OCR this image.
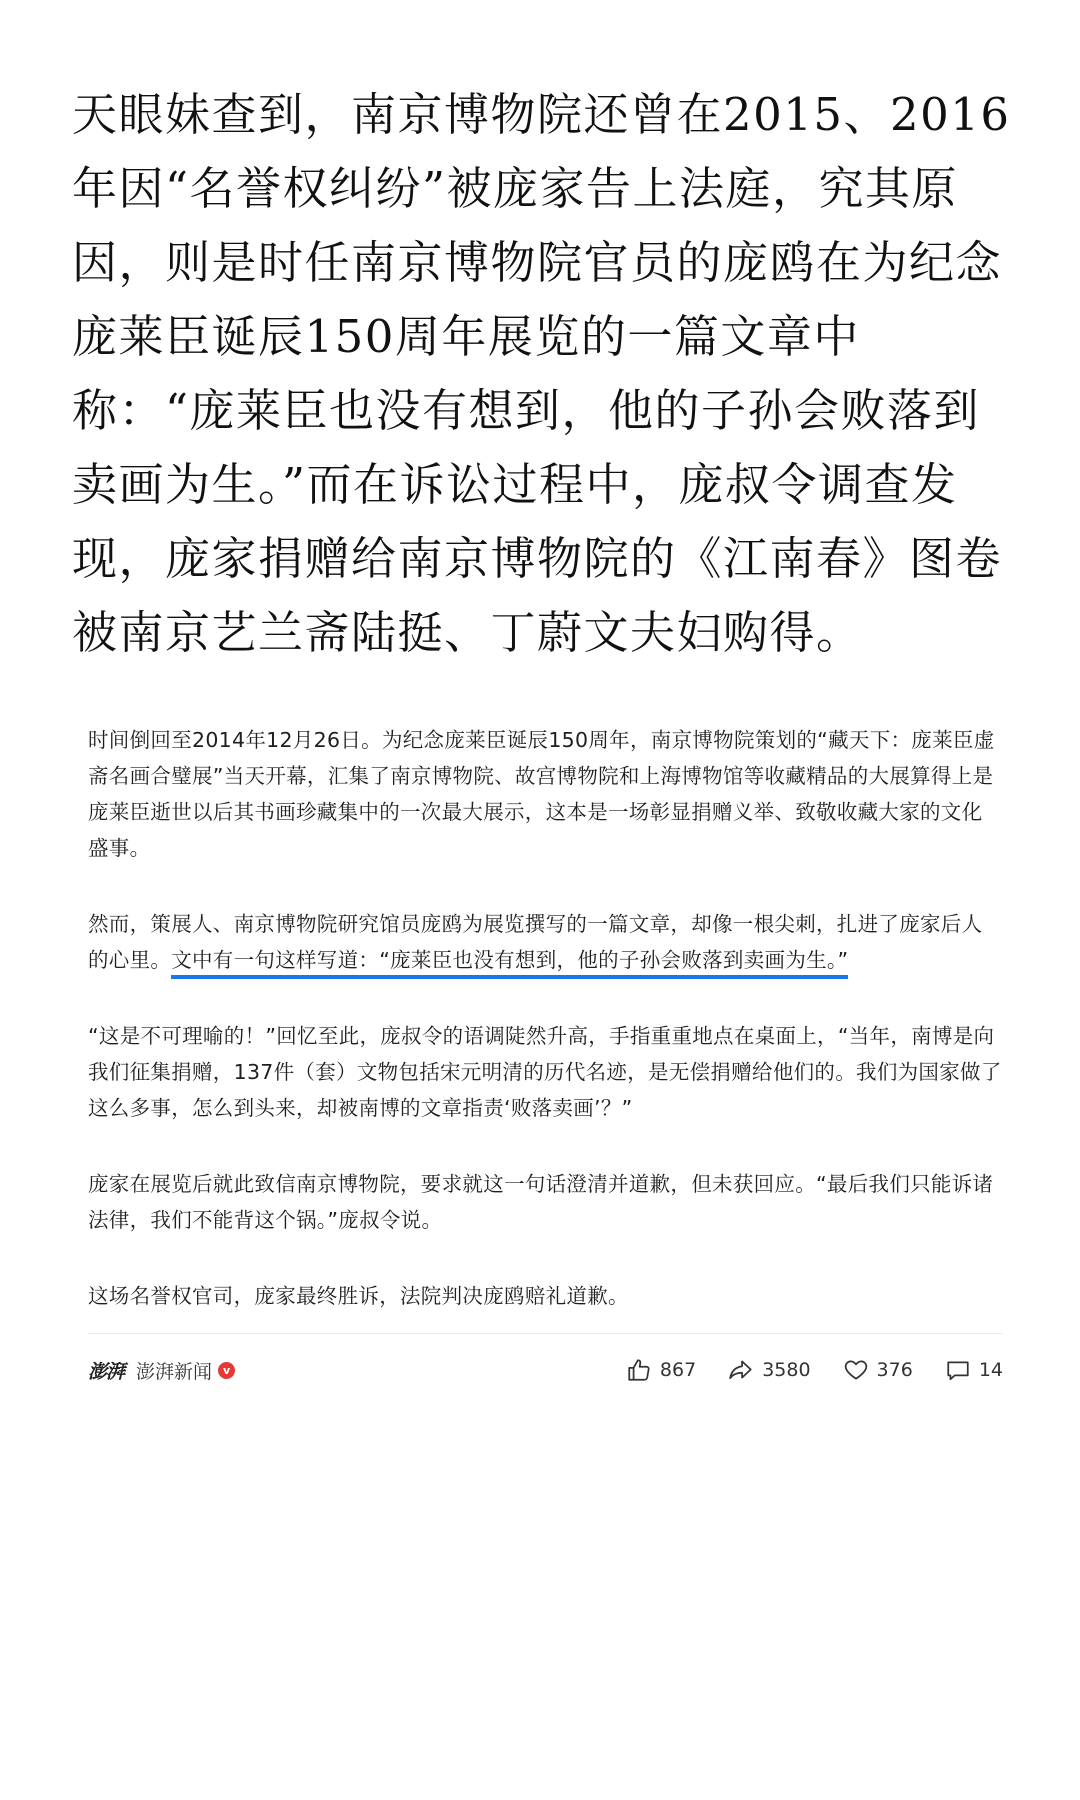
天眼妹查到，南京博物院还曾在2015、2016年因“名誉权纠纷”被庞家告上法庭，究其原因，则是时任南京博物院官员的庞鸥在为纪念庞莱臣诞辰150周年展览的一篇文章中称：“庞莱臣也没有想到，他的子孙会败落到卖画为生。”而在诉讼过程中，庞叔令调查发现，庞家捐赠给南京博物院的《江南春》图卷被南京艺兰斋陆挺、丁蔚文夫妇购得。

时间倒回至2014年12月26日。为纪念庞莱臣诞辰150周年，南京博物院策划的“藏天下：庞莱臣虚斋名画合璧展”当天开幕，汇集了南京博物院、故宫博物院和上海博物馆等收藏精品的大展算得上是庞莱臣逝世以后其书画珍藏集中的一次最大展示，这本是一场彰显捐赠义举、致敬收藏大家的文化盛事。

然而，策展人、南京博物院研究馆员庞鸥为展览撰写的一篇文章，却像一根尖刺，扎进了庞家后人的心里。文中有一句这样写道：“庞莱臣也没有想到，他的子孙会败落到卖画为生。”

“这是不可理喻的！”回忆至此，庞叔令的语调陡然升高，手指重重地点在桌面上，“当年，南博是向我们征集捐赠，137件（套）文物包括宋元明清的历代名迹，是无偿捐赠给他们的。我们为国家做了这么多事，怎么到头来，却被南博的文章指责‘败落卖画’？”

庞家在展览后就此致信南京博物院，要求就这一句话澄清并道歉，但未获回应。“最后我们只能诉诸法律，我们不能背这个锅。”庞叔令说。

这场名誉权官司，庞家最终胜诉，法院判决庞鸥赔礼道歉。

澎湃 澎湃新闻 v	867	3580	376	14
